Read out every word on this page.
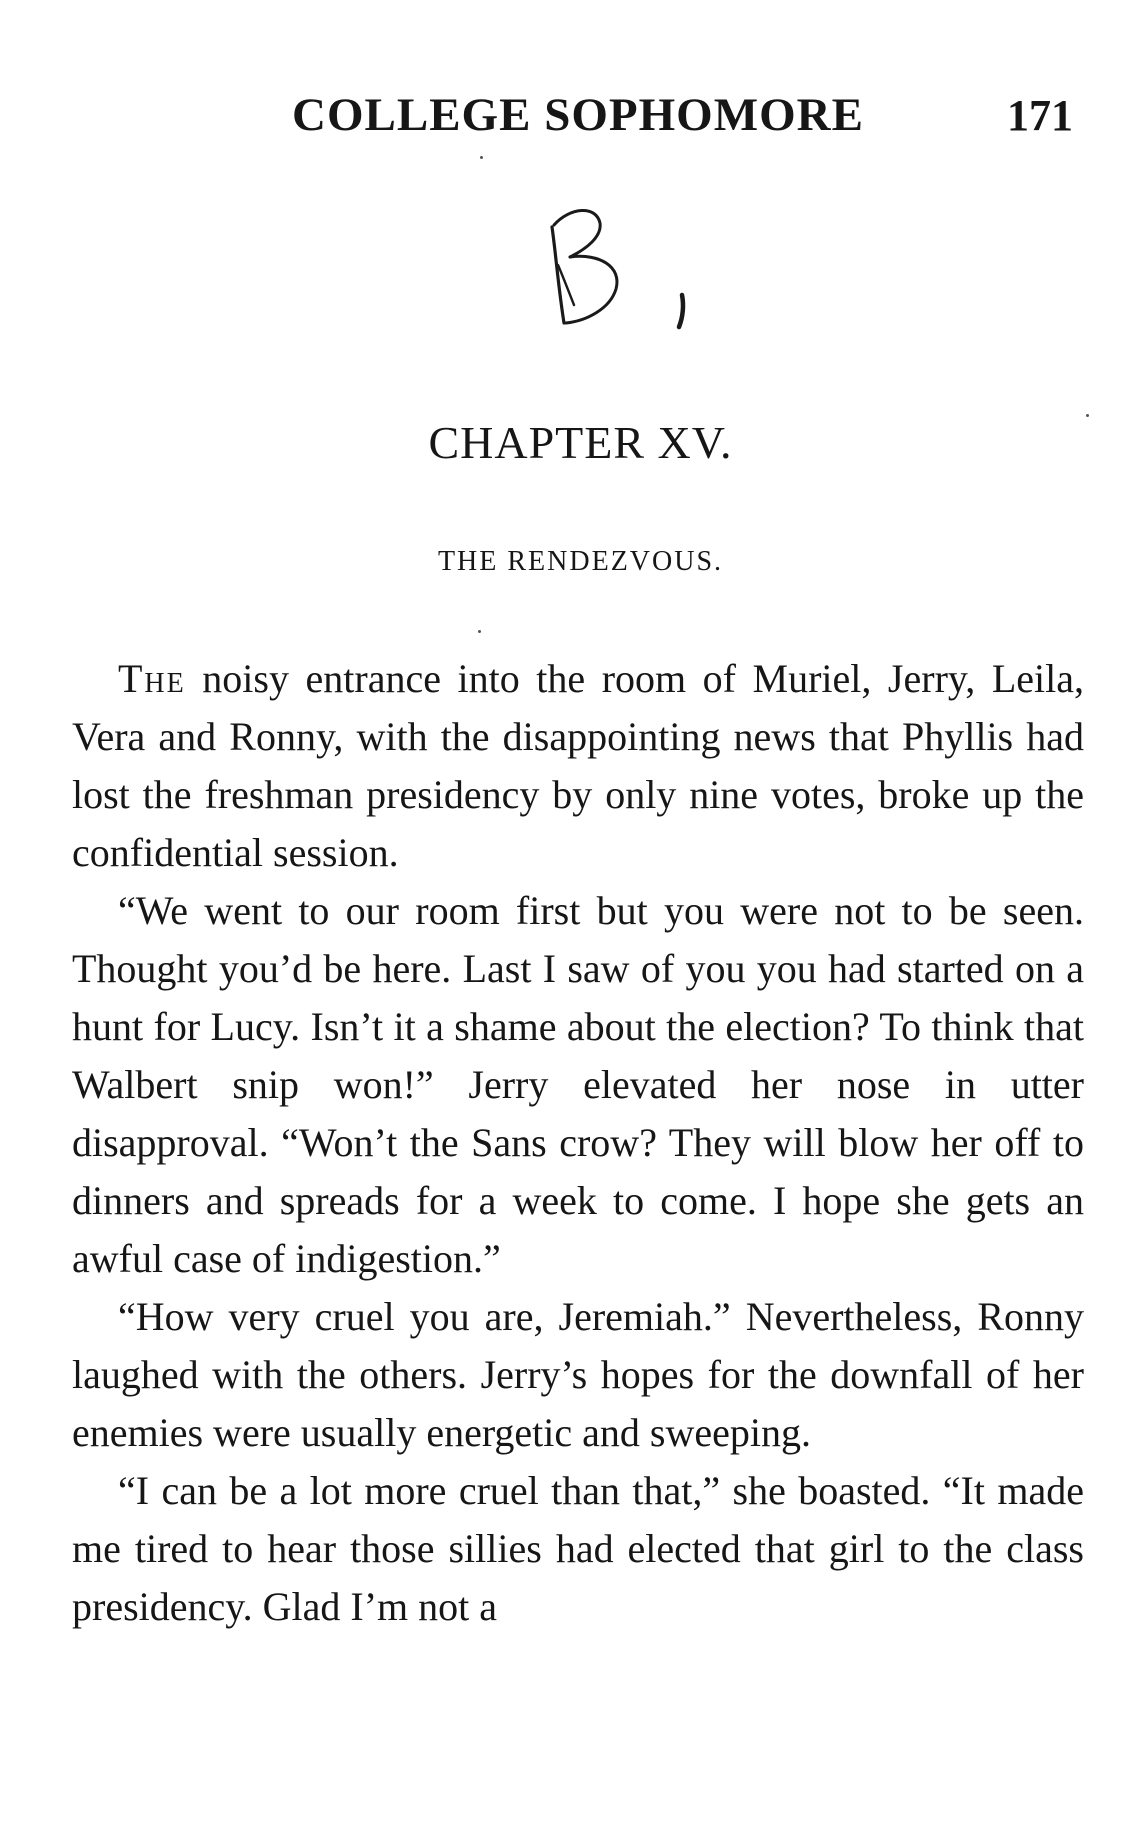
COLLEGE SOPHOMORE	171
CHAPTER XV.
THE RENDEZVOUS.

The noisy entrance into the room of Muriel, Jerry, Leila, Vera and Ronny, with the disappointing news that Phyllis had lost the freshman presidency by only nine votes, broke up the confidential session.

“We went to our room first but you were not to be seen. Thought you’d be here. Last I saw of you you had started on a hunt for Lucy. Isn’t it a shame about the election? To think that Walbert snip won!” Jerry elevated her nose in utter disapproval. “Won’t the Sans crow? They will blow her off to dinners and spreads for a week to come. I hope she gets an awful case of indigestion.”

“How very cruel you are, Jeremiah.” Nevertheless, Ronny laughed with the others. Jerry’s hopes for the downfall of her enemies were usually energetic and sweeping.

“I can be a lot more cruel than that,” she boasted. “It made me tired to hear those sillies had elected that girl to the class presidency. Glad I’m not a
